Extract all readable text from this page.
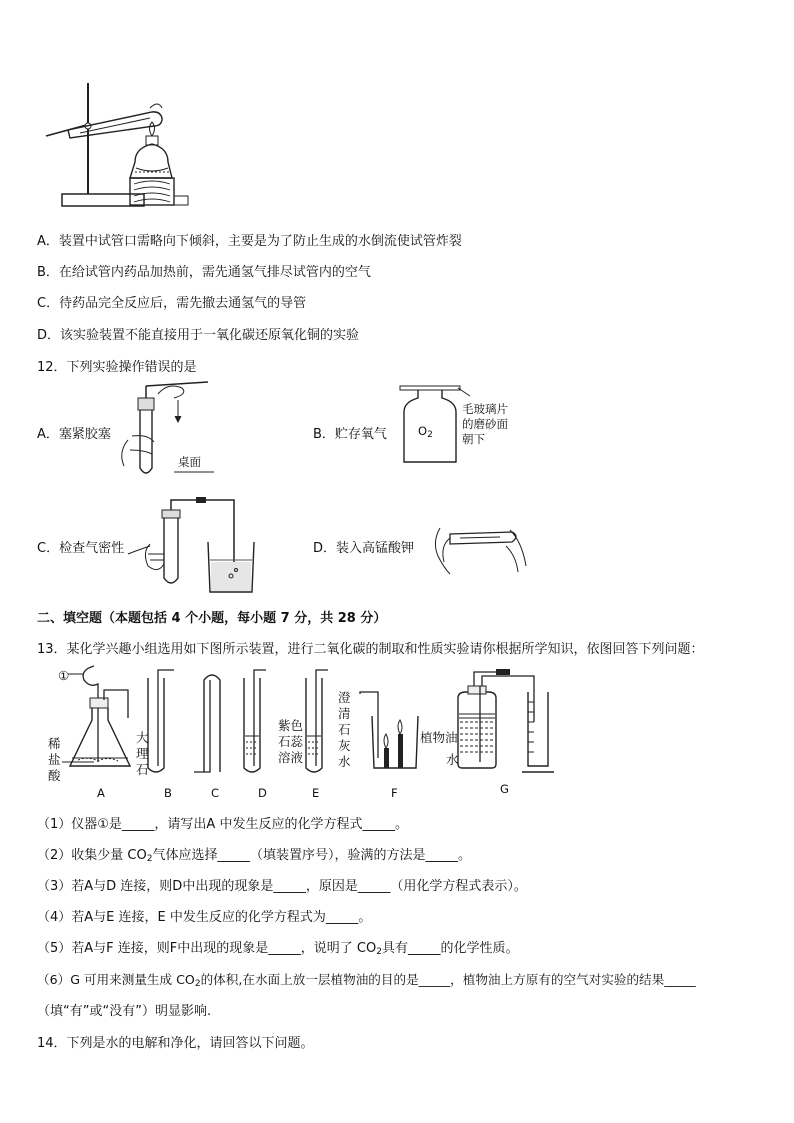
A．装置中试管口需略向下倾斜，主要是为了防止生成的水倒流使试管炸裂
B．在给试管内药品加热前，需先通氢气排尽试管内的空气
C．待药品完全反应后，需先撤去通氢气的导管
D．该实验装置不能直接用于一氧化碳还原氧化铜的实验
12．下列实验操作错误的是
A．塞紧胶塞
桌面
B．贮存氧气	$O_2$
毛玻璃片
的磨砂面
朝下
C．检查气密性	D．装入高锰酸钾
二、填空题（本题包括 4 个小题，每小题 7 分，共 28 分）
13．某化学兴趣小组选用如下图所示装置，进行二氧化碳的制取和性质实验请你根据所学知识，依图回答下列问题：
①
稀
盐
酸
大
理
石
紫色
石蕊
溶液
澄
清
石
灰
水
植物油
水
A	B	C	D	E	F	G
（1）仪器①是_____，请写出A 中发生反应的化学方程式_____。
（2）收集少量 $CO_2$气体应选择_____（填装置序号），验满的方法是_____。
（3）若A与D 连接，则D中出现的现象是_____，原因是_____（用化学方程式表示）。
（4）若A与E 连接，E 中发生反应的化学方程式为_____。
（5）若A与F 连接，则F中出现的现象是_____，说明了 $CO_2$具有_____的化学性质。
（6）G 可用来测量生成 $CO_2$的体积,在水面上放一层植物油的目的是_____，植物油上方原有的空气对实验的结果_____
（填“有”或“没有”）明显影响.
14．下列是水的电解和净化，请回答以下问题。
